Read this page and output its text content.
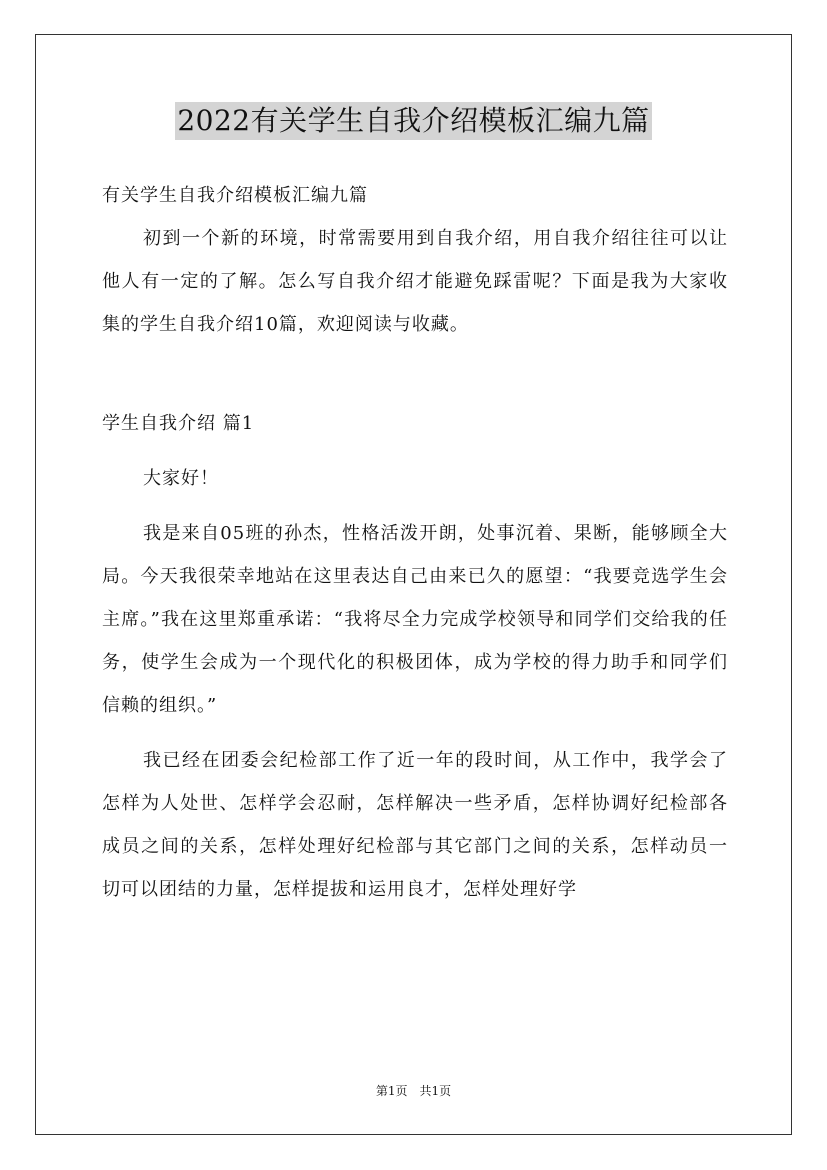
2022有关学生自我介绍模板汇编九篇

有关学生自我介绍模板汇编九篇

初到一个新的环境，时常需要用到自我介绍，用自我介绍往往可以让他人有一定的了解。怎么写自我介绍才能避免踩雷呢？下面是我为大家收集的学生自我介绍10篇，欢迎阅读与收藏。

学生自我介绍 篇1

大家好！

我是来自05班的孙杰，性格活泼开朗，处事沉着、果断，能够顾全大局。今天我很荣幸地站在这里表达自己由来已久的愿望：“我要竞选学生会主席。”我在这里郑重承诺：“我将尽全力完成学校领导和同学们交给我的任务，使学生会成为一个现代化的积极团体，成为学校的得力助手和同学们信赖的组织。”

我已经在团委会纪检部工作了近一年的段时间，从工作中，我学会了怎样为人处世、怎样学会忍耐，怎样解决一些矛盾，怎样协调好纪检部各成员之间的关系，怎样处理好纪检部与其它部门之间的关系，怎样动员一切可以团结的力量，怎样提拔和运用良才，怎样处理好学

第1页 共1页
